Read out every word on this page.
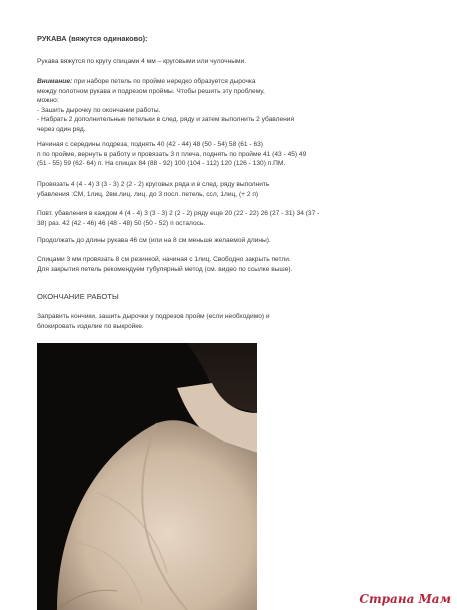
РУКАВА (вяжутся одинаково):
Рукава вяжутся по кругу спицами 4 мм – круговыми или чулочными.
Внимание: при наборе петель по пройме нередко образуется дырочка
между полотном рукава и подрезом проймы. Чтобы решить эту проблему,
можно:
- Зашить дырочку по окончании работы.
- Набрать 2 дополнительные петельки в след. ряду и затем выполнить 2 убавления
через один ряд.
Начиная с середины подреза, поднять 40 (42 - 44) 48 (50 - 54) 58 (61 - 63)
п по пройме, вернуть в работу и провязать 3 п плеча, поднять по пройме 41 (43 - 45) 49
(51 - 55) 59 (62- 64) п. На спицах 84 (88 - 92) 100 (104 - 112) 120 (126 - 130) п.ПМ.
Провязать 4 (4 - 4) 3 (3 - 3) 2 (2 - 2) круговых ряда и в след. ряду выполнить
убавления :СМ, 1лиц, 2вм.лиц. лиц. до 3 посл. петель, ссл, 1лиц, (+ 2 п)
Повт. убавления в каждом 4 (4 - 4) 3 (3 - 3) 2 (2 - 2) ряду еще 20 (22 - 22) 26 (27 - 31) 34 (37 -
38) раз. 42 (42 - 46) 46 (48 - 48) 50 (50 - 52) п осталось.
Продолжать до длины рукава 46 см (или на 8 см меньше желаемой длины).
Спицами 3 мм провязать 8 см резинкой, начиная с 1лиц. Свободно закрыть петли.
Для закрытия петель рекомендуем тубулярный метод (см. видео по ссылке выше).
ОКОНЧАНИЕ РАБОТЫ
Заправить кончики, зашить дырочки у подрезов пройм (если необходимо) и
блокировать изделие по выкройке.
Страна Мам
